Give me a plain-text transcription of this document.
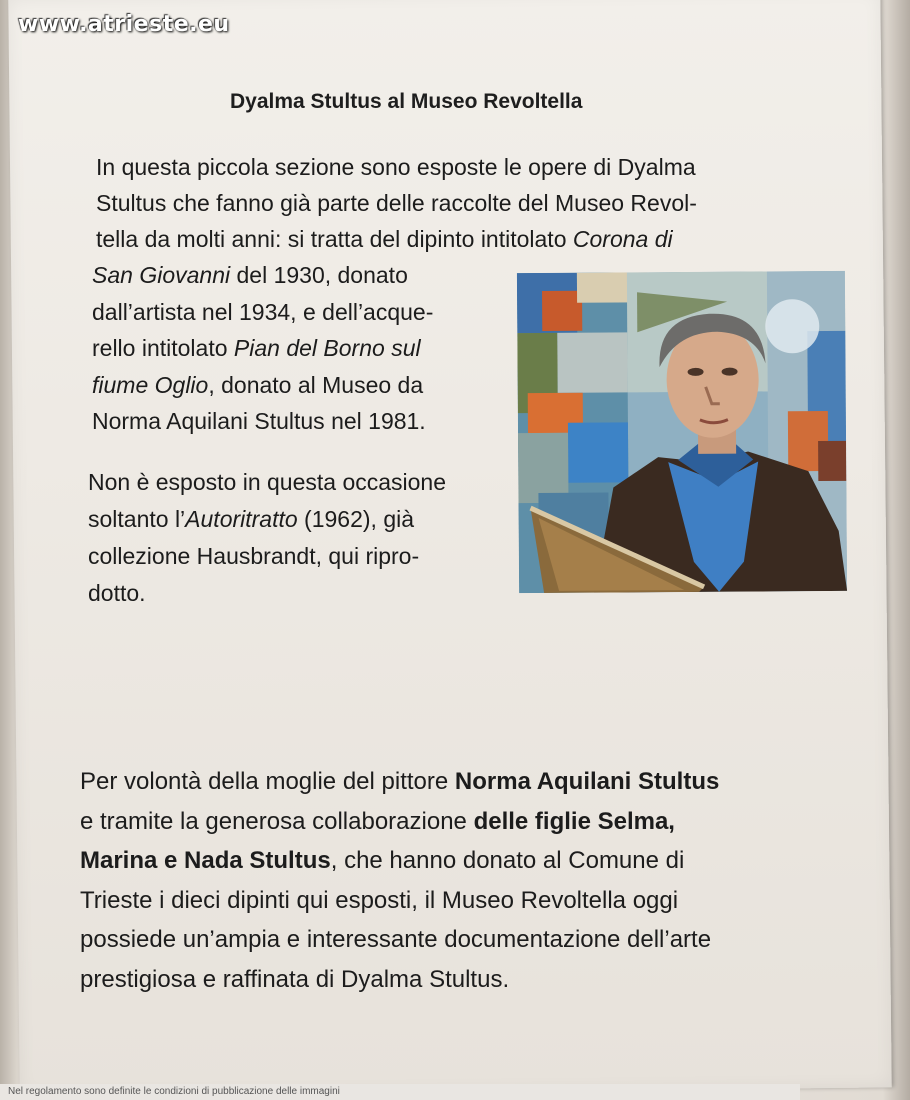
www.atrieste.eu
Dyalma Stultus al Museo Revoltella
In questa piccola sezione sono esposte le opere di Dyalma
Stultus che fanno già parte delle raccolte del Museo Revol-
tella da molti anni: si tratta del dipinto intitolato Corona di
San Giovanni del 1930, donato
dall’artista nel 1934, e dell’acque-
rello intitolato Pian del Borno sul
fiume Oglio, donato al Museo da
Norma Aquilani Stultus nel 1981.
Non è esposto in questa occasione
soltanto l’Autoritratto (1962), già
collezione Hausbrandt, qui ripro-
dotto.
Per volontà della moglie del pittore Norma Aquilani Stultus
e tramite la generosa collaborazione delle figlie Selma,
Marina e Nada Stultus, che hanno donato al Comune di
Trieste i dieci dipinti qui esposti, il Museo Revoltella oggi
possiede un’ampia e interessante documentazione dell’arte
prestigiosa e raffinata di Dyalma Stultus.
Nel regolamento sono definite le condizioni di pubblicazione delle immagini
